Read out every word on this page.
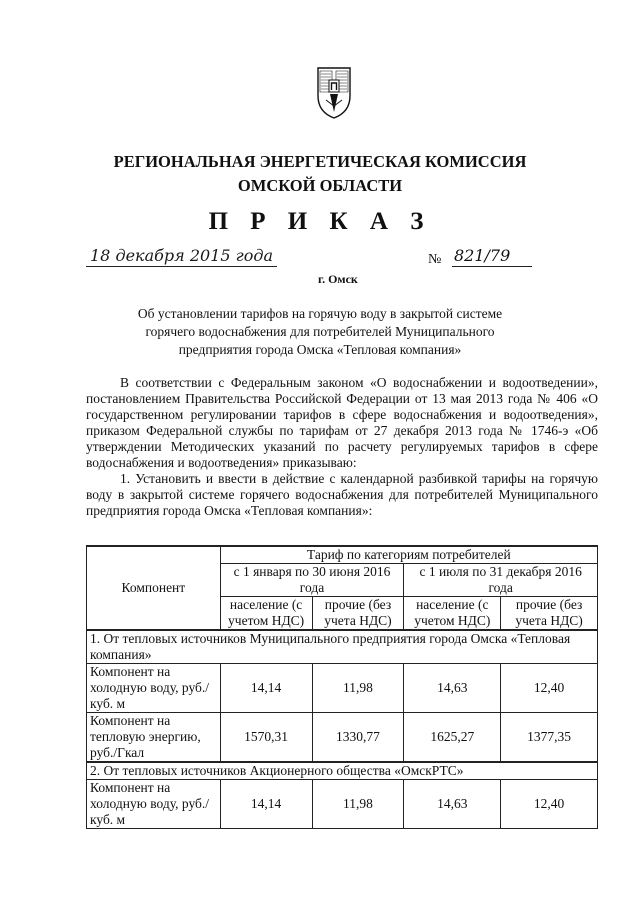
РЕГИОНАЛЬНАЯ ЭНЕРГЕТИЧЕСКАЯ КОМИССИЯ
ОМСКОЙ ОБЛАСТИ
П Р И К А З
18 декабря 2015 года
г. Омск
№ 821/79
Об установлении тарифов на горячую воду в закрытой системе
горячего водоснабжения для потребителей Муниципального
предприятия города Омска «Тепловая компания»

В соответствии с Федеральным законом «О водоснабжении и водоотведении», постановлением Правительства Российской Федерации от 13 мая 2013 года № 406 «О государственном регулировании тарифов в сфере водоснабжения и водоотведения», приказом Федеральной службы по тарифам от 27 декабря 2013 года № 1746-э «Об утверждении Методических указаний по расчету регулируемых тарифов в сфере водоснабжения и водоотведения» приказываю:

1. Установить и ввести в действие с календарной разбивкой тарифы на горячую воду в закрытой системе горячего водоснабжения для потребителей Муниципального предприятия города Омска «Тепловая компания»:

Компонент	Тариф по категориям потребителей			
	с 1 января по 30 июня 2016 года		с 1 июля по 31 декабря 2016 года	
	население (с учетом НДС)	прочие (без учета НДС)	население (с учетом НДС)	прочие (без учета НДС)
1. От тепловых источников Муниципального предприятия города Омска «Тепловая компания»				
Компонент на холодную воду, руб./куб. м	14,14	11,98	14,63	12,40
Компонент на тепловую энергию, руб./Гкал	1570,31	1330,77	1625,27	1377,35
2. От тепловых источников Акционерного общества «ОмскРТС»				
Компонент на холодную воду, руб./куб. м	14,14	11,98	14,63	12,40
